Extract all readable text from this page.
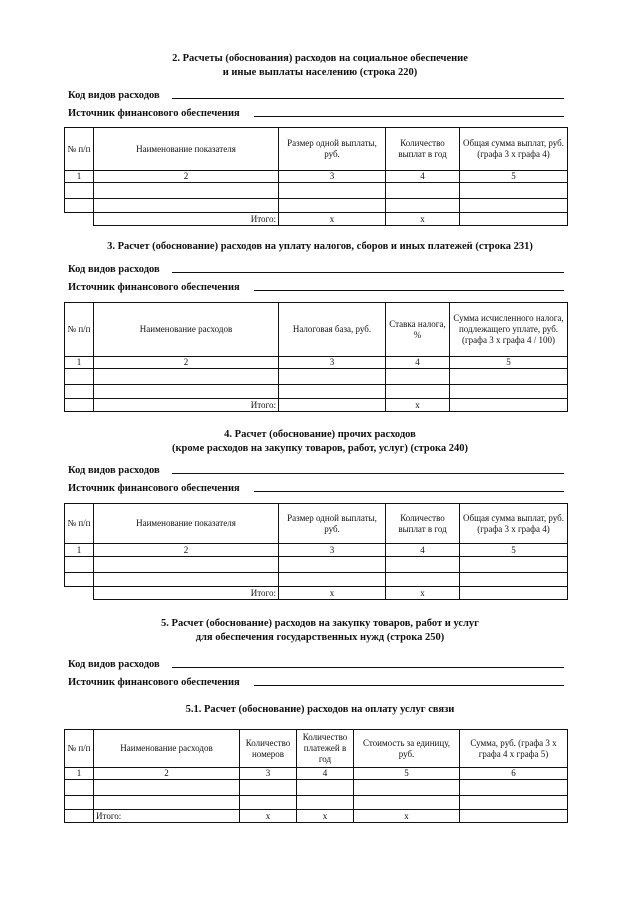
2. Расчеты (обоснования) расходов на социальное обеспечение
и иные выплаты населению (строка 220)
Код видов расходов
Источник финансового обеспечения
№ п/п	Наименование показателя	Размер одной выплаты, руб.	Количество выплат в год	Общая сумма выплат, руб. (графа 3 x графа 4)
1	2	3	4	5

	Итого:	x	x	
3. Расчет (обоснование) расходов на уплату налогов, сборов и иных платежей (строка 231)
Код видов расходов
Источник финансового обеспечения
№ п/п	Наименование расходов	Налоговая база, руб.	Ставка налога, %	Сумма исчисленного налога, подлежащего уплате, руб. (графа 3 x графа 4 / 100)
1	2	3	4	5

	Итого:		x	
4. Расчет (обоснование) прочих расходов
(кроме расходов на закупку товаров, работ, услуг) (строка 240)
Код видов расходов
Источник финансового обеспечения
№ п/п	Наименование показателя	Размер одной выплаты, руб.	Количество выплат в год	Общая сумма выплат, руб. (графа 3 x графа 4)
1	2	3	4	5

	Итого:	x	x	
5. Расчет (обоснование) расходов на закупку товаров, работ и услуг
для обеспечения государственных нужд (строка 250)
Код видов расходов
Источник финансового обеспечения
5.1. Расчет (обоснование) расходов на оплату услуг связи
№ п/п	Наименование расходов	Количество номеров	Количество платежей в год	Стоимость за единицу, руб.	Сумма, руб. (графа 3 x графа 4 x графа 5)
1	2	3	4	5	6

	Итого:	x	x	x	
